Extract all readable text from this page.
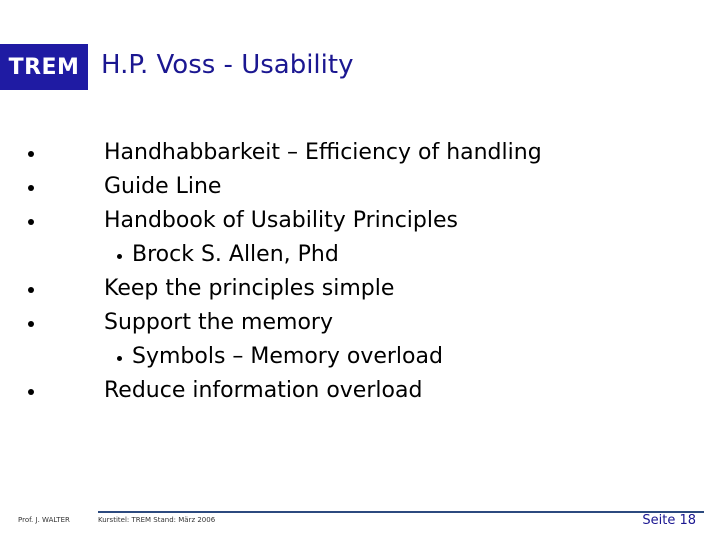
TREM H.P. Voss - Usability
Handhabbarkeit – Efficiency of handling
Guide Line
Handbook of Usability Principles
Brock S. Allen, Phd
Keep the principles simple
Support the memory
Symbols – Memory overload
Reduce information overload
Prof. J. WALTER	Kurstitel: TREM Stand: März 2006	Seite 18
